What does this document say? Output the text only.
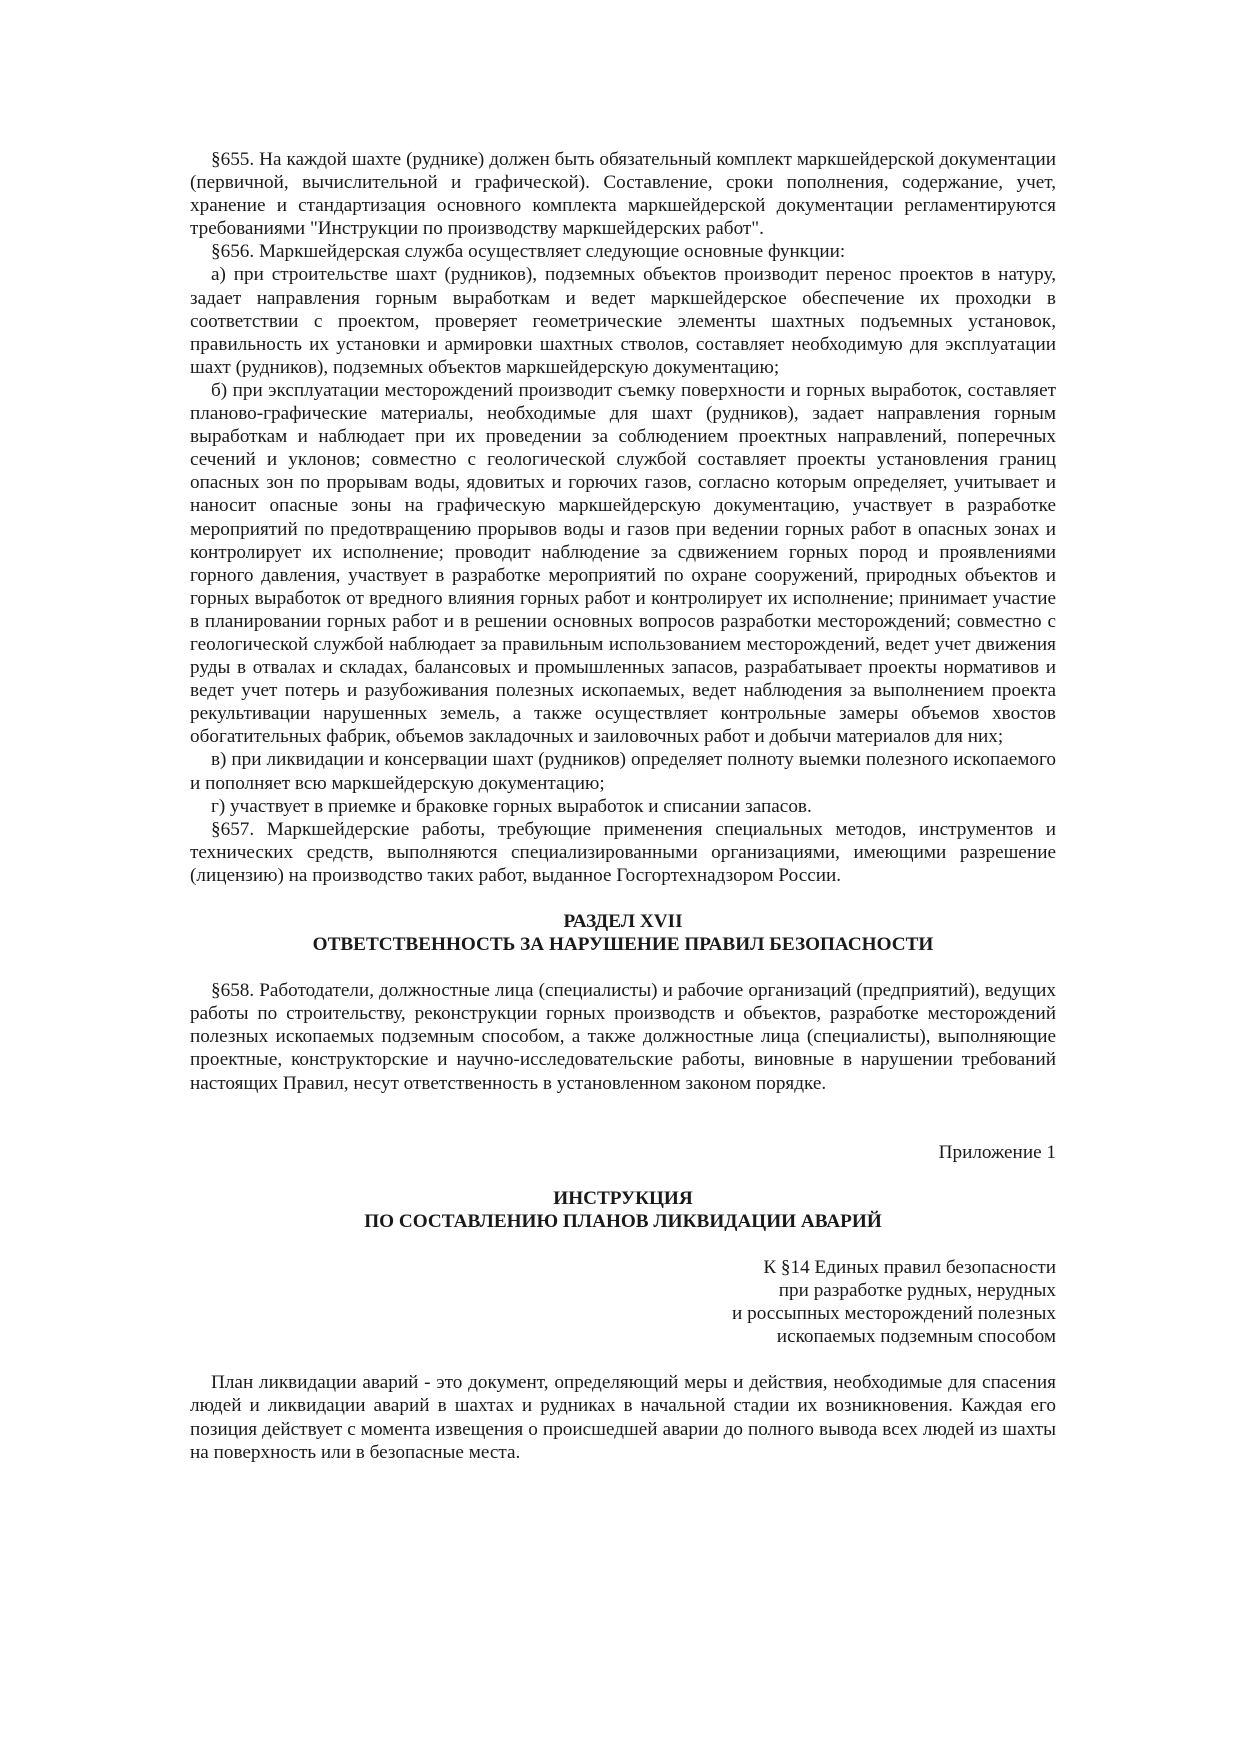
§655. На каждой шахте (руднике) должен быть обязательный комплект маркшейдерской документации (первичной, вычислительной и графической). Составление, сроки пополнения, содержание, учет, хранение и стандартизация основного комплекта маркшейдерской документации регламентируются требованиями "Инструкции по производству маркшейдерских работ".

§656. Маркшейдерская служба осуществляет следующие основные функции:

а) при строительстве шахт (рудников), подземных объектов производит перенос проектов в натуру, задает направления горным выработкам и ведет маркшейдерское обеспечение их проходки в соответствии с проектом, проверяет геометрические элементы шахтных подъемных установок, правильность их установки и армировки шахтных стволов, составляет необходимую для эксплуатации шахт (рудников), подземных объектов маркшейдерскую документацию;

б) при эксплуатации месторождений производит съемку поверхности и горных выработок, составляет планово-графические материалы, необходимые для шахт (рудников), задает направления горным выработкам и наблюдает при их проведении за соблюдением проектных направлений, поперечных сечений и уклонов; совместно с геологической службой составляет проекты установления границ опасных зон по прорывам воды, ядовитых и горючих газов, согласно которым определяет, учитывает и наносит опасные зоны на графическую маркшейдерскую документацию, участвует в разработке мероприятий по предотвращению прорывов воды и газов при ведении горных работ в опасных зонах и контролирует их исполнение; проводит наблюдение за сдвижением горных пород и проявлениями горного давления, участвует в разработке мероприятий по охране сооружений, природных объектов и горных выработок от вредного влияния горных работ и контролирует их исполнение; принимает участие в планировании горных работ и в решении основных вопросов разработки месторождений; совместно с геологической службой наблюдает за правильным использованием месторождений, ведет учет движения руды в отвалах и складах, балансовых и промышленных запасов, разрабатывает проекты нормативов и ведет учет потерь и разубоживания полезных ископаемых, ведет наблюдения за выполнением проекта рекультивации нарушенных земель, а также осуществляет контрольные замеры объемов хвостов обогатительных фабрик, объемов закладочных и заиловочных работ и добычи материалов для них;

в) при ликвидации и консервации шахт (рудников) определяет полноту выемки полезного ископаемого и пополняет всю маркшейдерскую документацию;

г) участвует в приемке и браковке горных выработок и списании запасов.

§657. Маркшейдерские работы, требующие применения специальных методов, инструментов и технических средств, выполняются специализированными организациями, имеющими разрешение (лицензию) на производство таких работ, выданное Госгортехнадзором России.

РАЗДЕЛ XVII
ОТВЕТСТВЕННОСТЬ ЗА НАРУШЕНИЕ ПРАВИЛ БЕЗОПАСНОСТИ

§658. Работодатели, должностные лица (специалисты) и рабочие организаций (предприятий), ведущих работы по строительству, реконструкции горных производств и объектов, разработке месторождений полезных ископаемых подземным способом, а также должностные лица (специалисты), выполняющие проектные, конструкторские и научно-исследовательские работы, виновные в нарушении требований настоящих Правил, несут ответственность в установленном законом порядке.

Приложение 1
ИНСТРУКЦИЯ
ПО СОСТАВЛЕНИЮ ПЛАНОВ ЛИКВИДАЦИИ АВАРИЙ
К §14 Единых правил безопасности
при разработке рудных, нерудных
и россыпных месторождений полезных
ископаемых подземным способом

План ликвидации аварий - это документ, определяющий меры и действия, необходимые для спасения людей и ликвидации аварий в шахтах и рудниках в начальной стадии их возникновения. Каждая его позиция действует с момента извещения о происшедшей аварии до полного вывода всех людей из шахты на поверхность или в безопасные места.
